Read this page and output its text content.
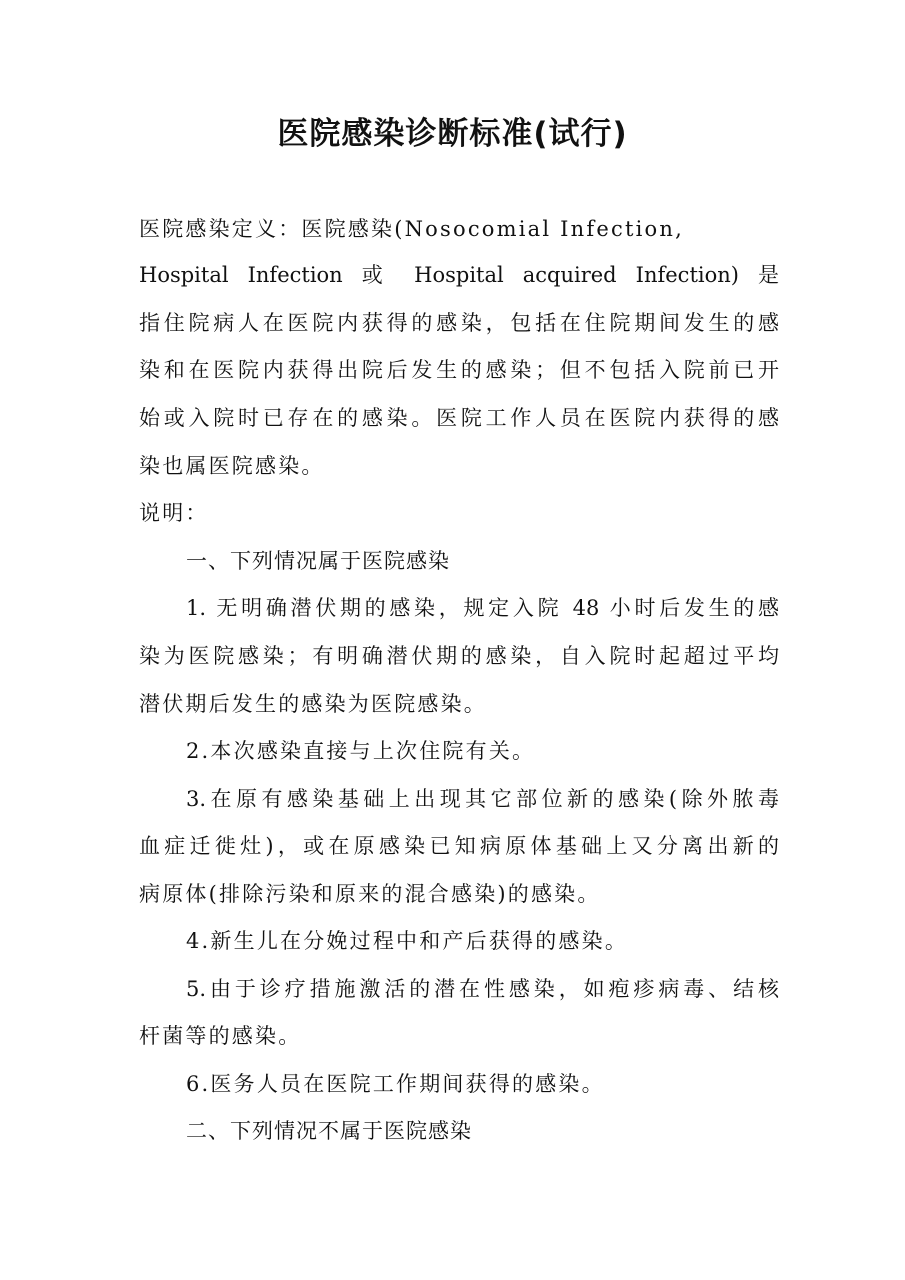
医院感染诊断标准(试行)
医院感染定义：医院感染(Nosocomial Infection,
Hospital Infection 或 Hospital acquired Infection) 是
指住院病人在医院内获得的感染，包括在住院期间发生的感
染和在医院内获得出院后发生的感染；但不包括入院前已开
始或入院时已存在的感染。医院工作人员在医院内获得的感
染也属医院感染。
说明：
一、下列情况属于医院感染
1. 无明确潜伏期的感染，规定入院 48 小时后发生的感
染为医院感染；有明确潜伏期的感染，自入院时起超过平均
潜伏期后发生的感染为医院感染。
2.本次感染直接与上次住院有关。
3.在原有感染基础上出现其它部位新的感染(除外脓毒
血症迁徙灶)，或在原感染已知病原体基础上又分离出新的
病原体(排除污染和原来的混合感染)的感染。
4.新生儿在分娩过程中和产后获得的感染。
5.由于诊疗措施激活的潜在性感染，如疱疹病毒、结核
杆菌等的感染。
6.医务人员在医院工作期间获得的感染。
二、下列情况不属于医院感染
